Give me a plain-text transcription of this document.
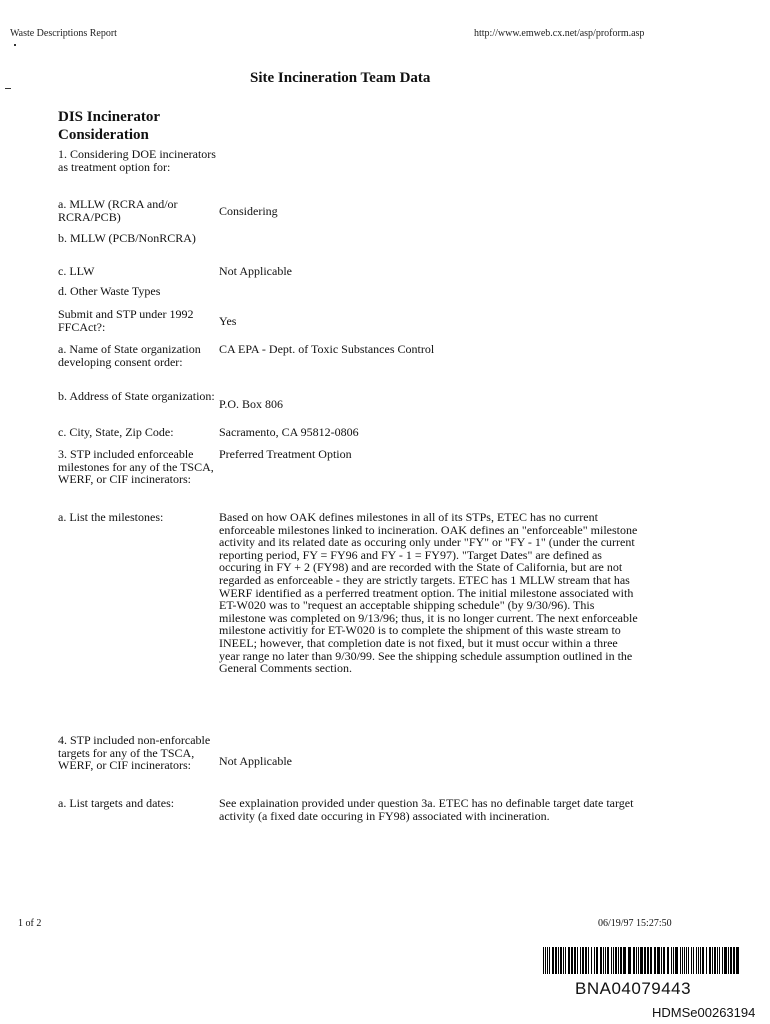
Waste Descriptions Report	http://www.emweb.cx.net/asp/proform.asp
Site Incineration Team Data
DIS Incinerator Consideration
1. Considering DOE incinerators as treatment option for:
a. MLLW (RCRA and/or RCRA/PCB)	Considering
b. MLLW (PCB/NonRCRA)
c. LLW	Not Applicable
d. Other Waste Types
Submit and STP under 1992 FFCAct?:	Yes
a. Name of State organization developing consent order:
CA EPA - Dept. of Toxic Substances Control
b. Address of State organization:
P.O. Box 806
c. City, State, Zip Code:	Sacramento, CA 95812-0806
3. STP included enforceable milestones for any of the TSCA, WERF, or CIF incinerators:
Preferred Treatment Option
a. List the milestones:	Based on how OAK defines milestones in all of its STPs, ETEC has no current enforceable milestones linked to incineration. OAK defines an "enforceable" milestone activity and its related date as occuring only under "FY" or "FY - 1" (under the current reporting period, FY = FY96 and FY - 1 = FY97). "Target Dates" are defined as occuring in FY + 2 (FY98) and are recorded with the State of California, but are not regarded as enforceable - they are strictly targets. ETEC has 1 MLLW stream that has WERF identified as a perferred treatment option. The initial milestone associated with ET-W020 was to "request an acceptable shipping schedule" (by 9/30/96). This milestone was completed on 9/13/96; thus, it is no longer current. The next enforceable milestone activitiy for ET-W020 is to complete the shipment of this waste stream to INEEL; however, that completion date is not fixed, but it must occur within a three year range no later than 9/30/99. See the shipping schedule assumption outlined in the General Comments section.
4. STP included non-enforcable targets for any of the TSCA, WERF, or CIF incinerators:	Not Applicable
a. List targets and dates:	See explaination provided under question 3a. ETEC has no definable target date target activity (a fixed date occuring in FY98) associated with incineration.
1 of 2	06/19/97 15:27:50
BNA04079443
HDMSe00263194
